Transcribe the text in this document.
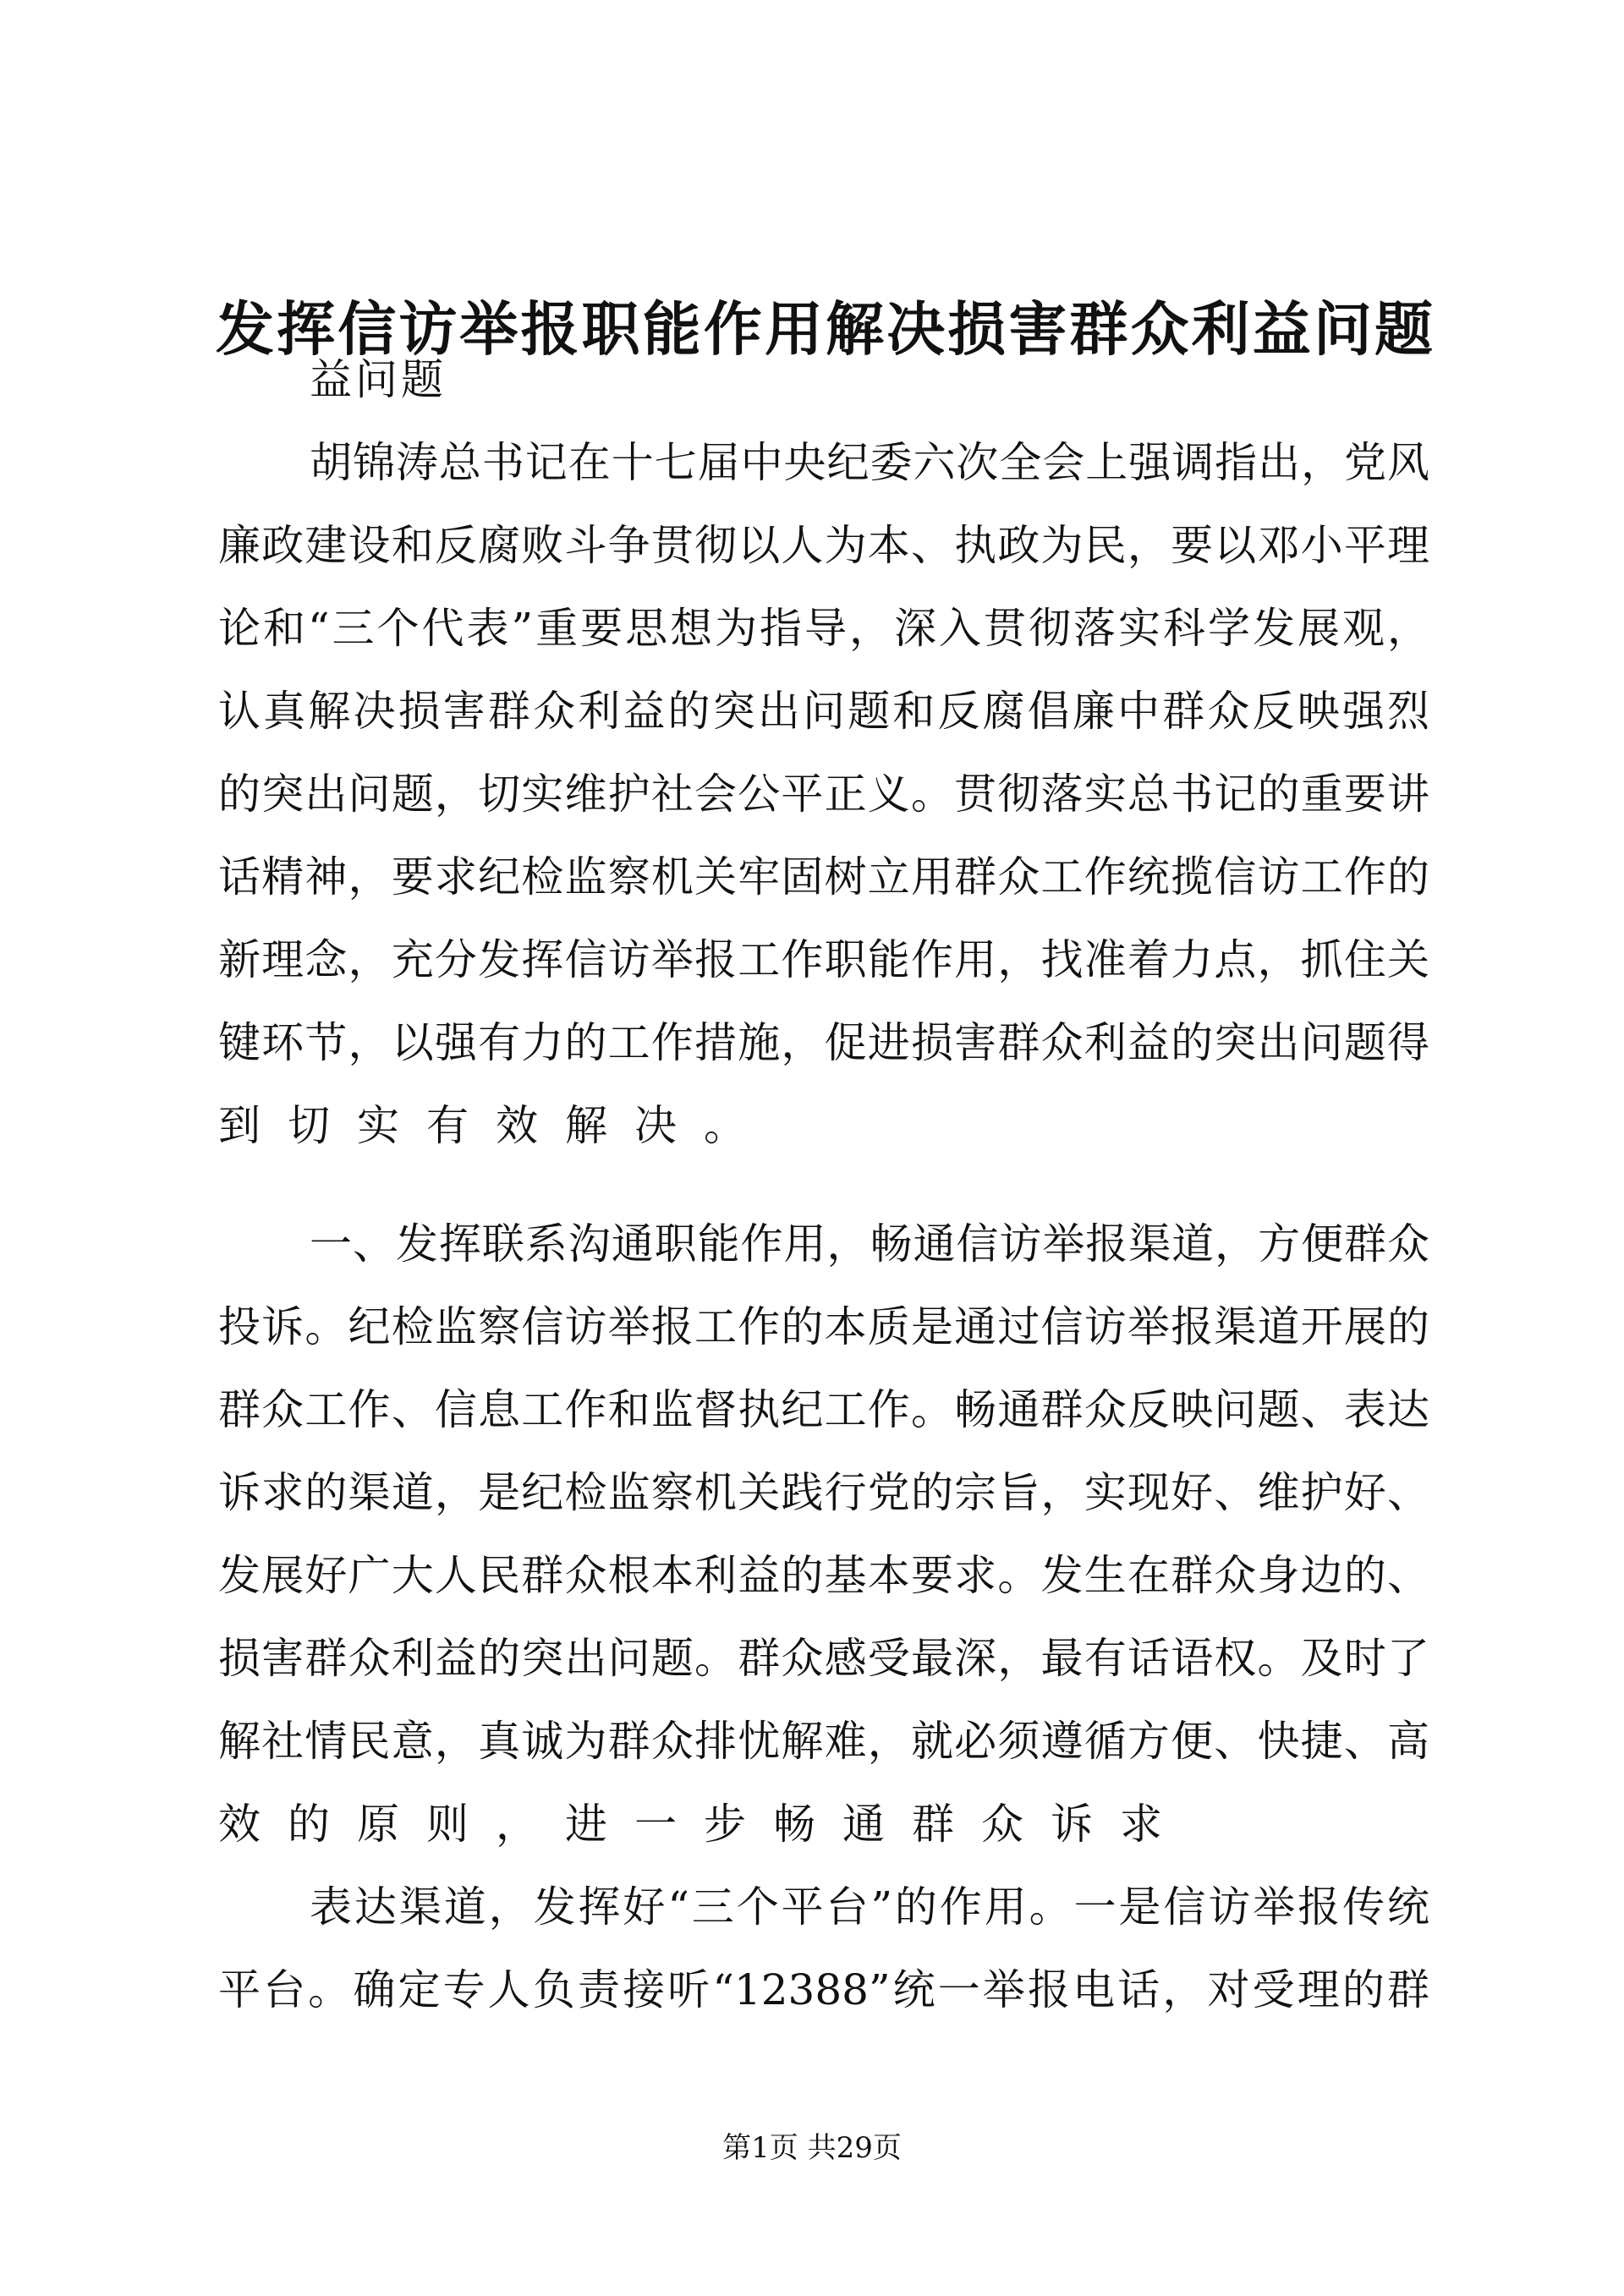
发挥信访举报职能作用解决损害群众利益问题
益问题
胡锦涛总书记在十七届中央纪委六次全会上强调指出，党风
廉政建设和反腐败斗争贯彻以人为本、执政为民，要以邓小平理
论和“三个代表”重要思想为指导，深入贯彻落实科学发展观，
认真解决损害群众利益的突出问题和反腐倡廉中群众反映强烈
的突出问题，切实维护社会公平正义。贯彻落实总书记的重要讲
话精神，要求纪检监察机关牢固树立用群众工作统揽信访工作的
新理念，充分发挥信访举报工作职能作用，找准着力点，抓住关
键环节，以强有力的工作措施，促进损害群众利益的突出问题得
到切实有效解决。
一、发挥联系沟通职能作用，畅通信访举报渠道，方便群众
投诉。纪检监察信访举报工作的本质是通过信访举报渠道开展的
群众工作、信息工作和监督执纪工作。畅通群众反映问题、表达
诉求的渠道，是纪检监察机关践行党的宗旨，实现好、维护好、
发展好广大人民群众根本利益的基本要求。发生在群众身边的、
损害群众利益的突出问题。群众感受最深，最有话语权。及时了
解社情民意，真诚为群众排忧解难，就必须遵循方便、快捷、高
效的原则，进一步畅通群众诉求
表达渠道，发挥好“三个平台”的作用。一是信访举报传统
平台。确定专人负责接听“12388”统一举报电话，对受理的群
第1页 共29页
